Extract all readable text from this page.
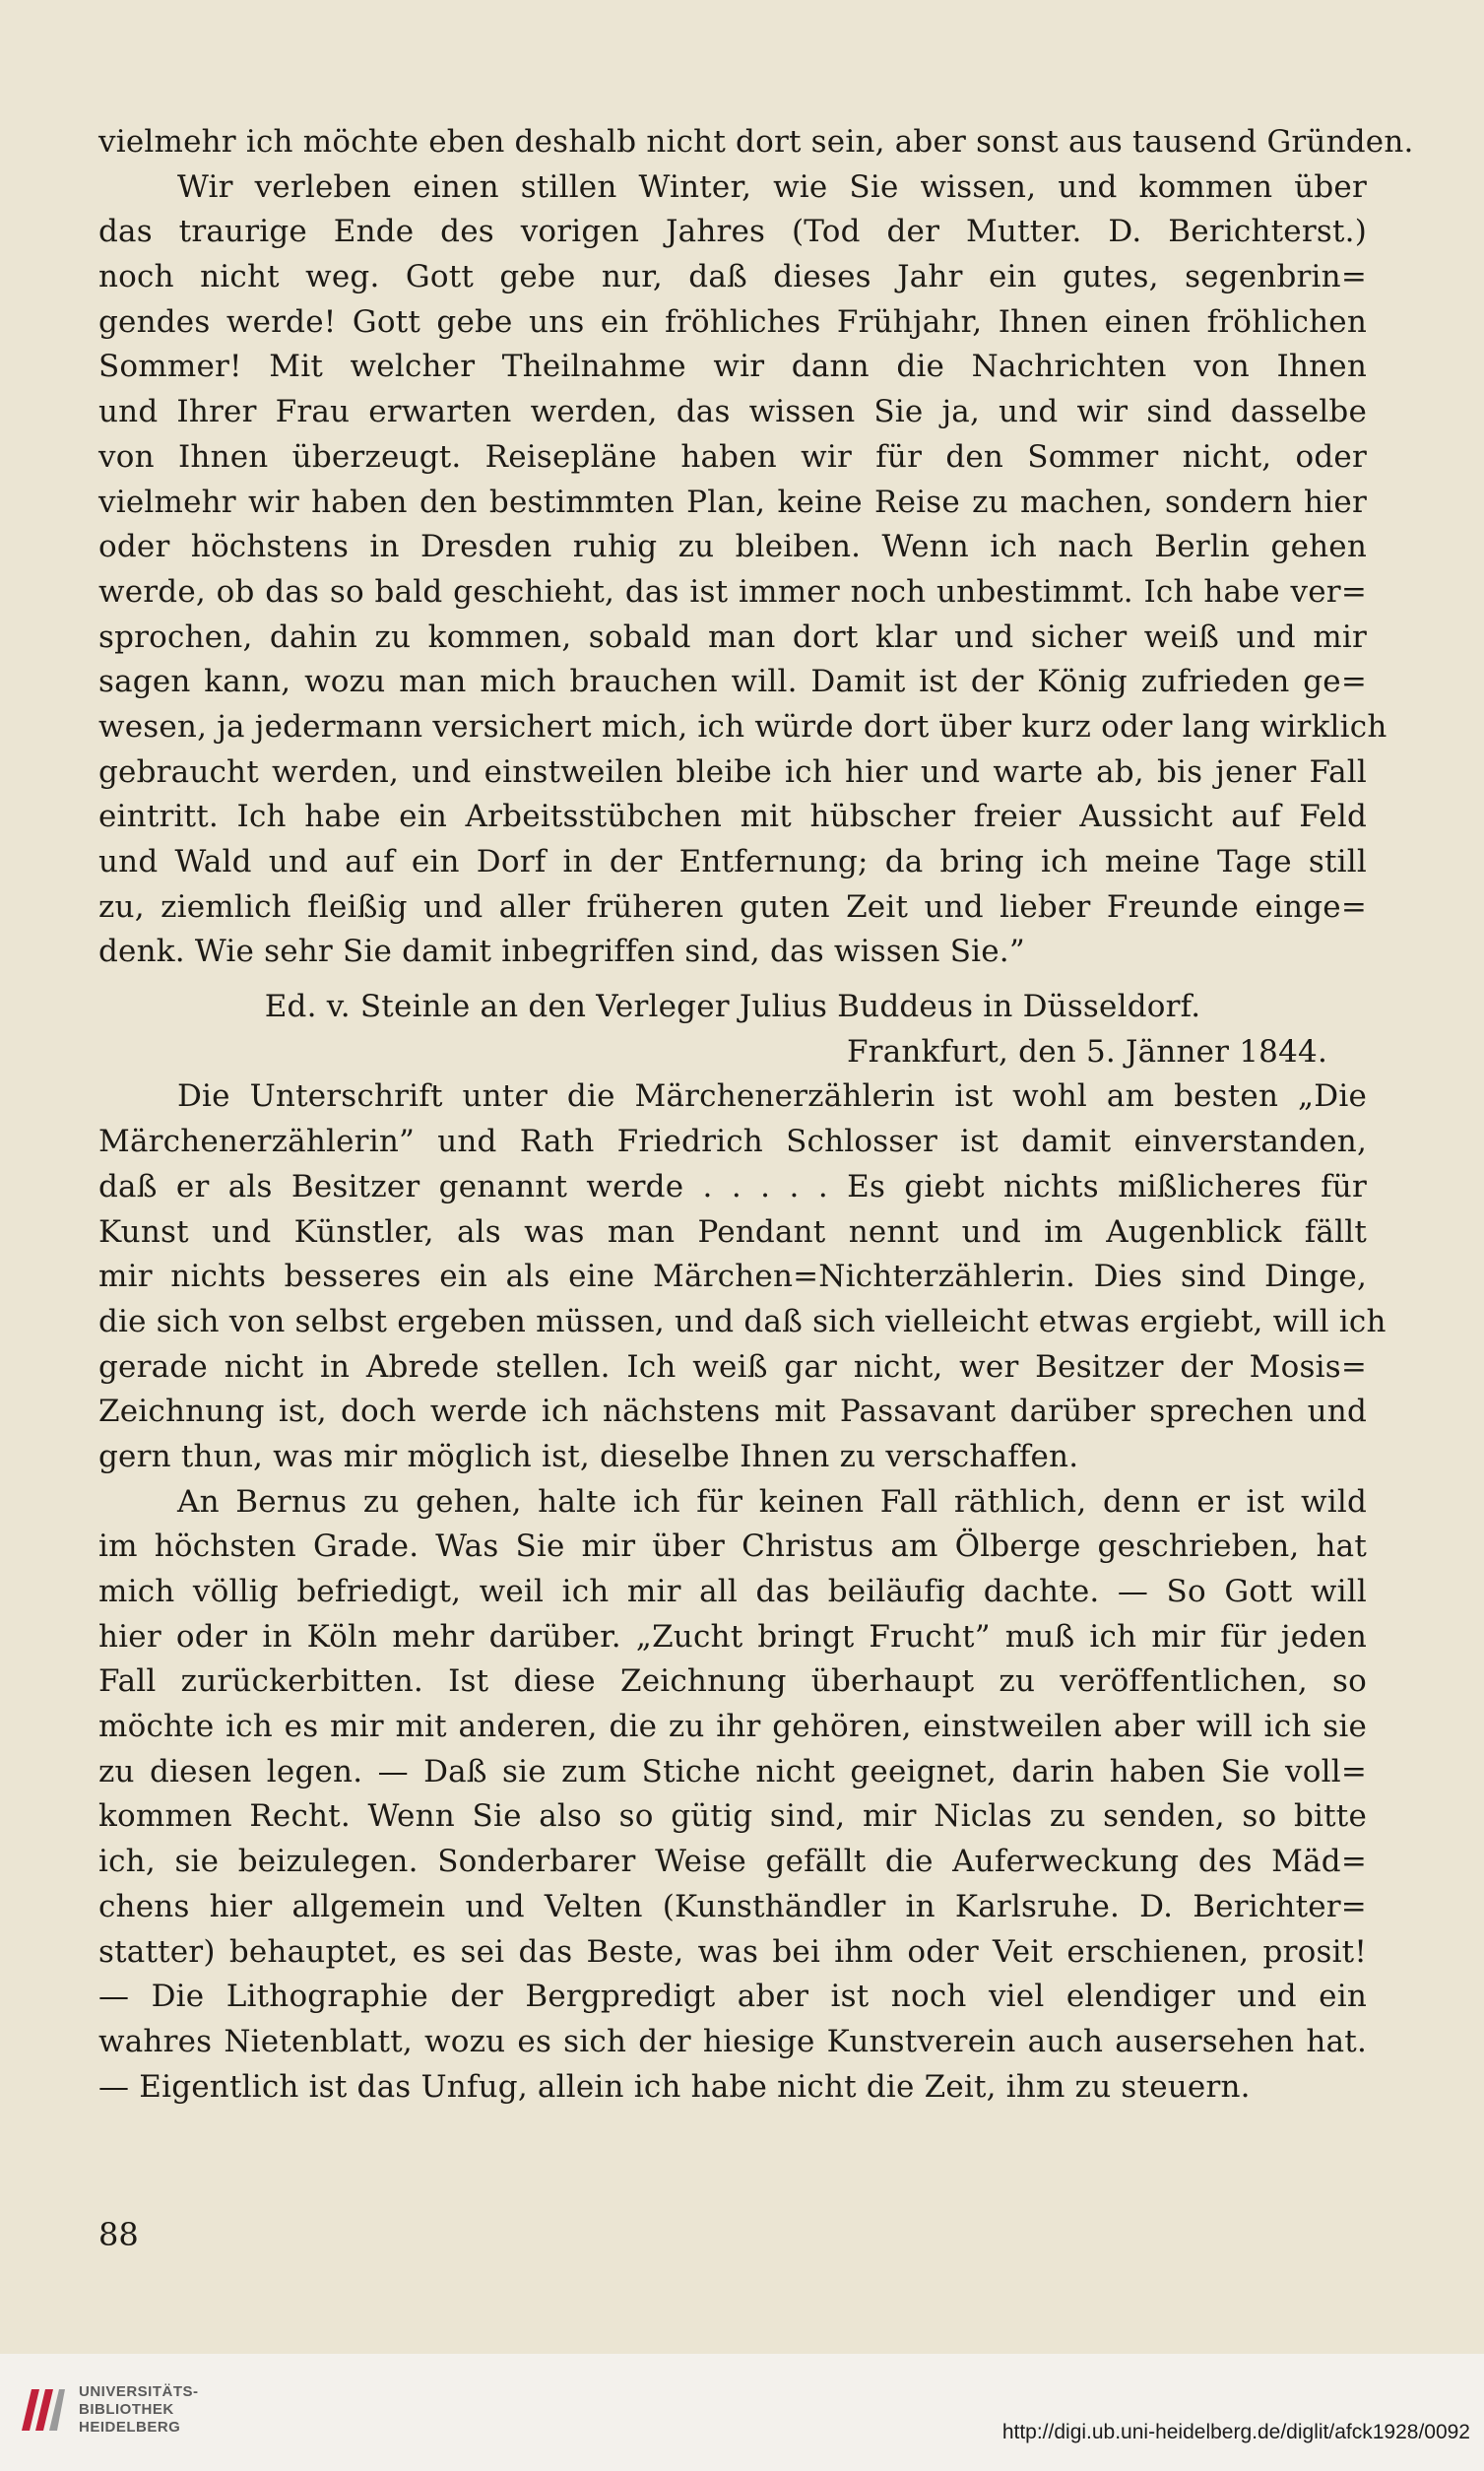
vielmehr ich möchte eben deshalb nicht dort sein, aber sonst aus tausend Gründen.
Wir verleben einen stillen Winter, wie Sie wissen, und kommen über
das traurige Ende des vorigen Jahres (Tod der Mutter. D. Berichterst.)
noch nicht weg. Gott gebe nur, daß dieses Jahr ein gutes, segenbrin=
gendes werde! Gott gebe uns ein fröhliches Frühjahr, Ihnen einen fröhlichen
Sommer! Mit welcher Theilnahme wir dann die Nachrichten von Ihnen
und Ihrer Frau erwarten werden, das wissen Sie ja, und wir sind dasselbe
von Ihnen überzeugt. Reisepläne haben wir für den Sommer nicht, oder
vielmehr wir haben den bestimmten Plan, keine Reise zu machen, sondern hier
oder höchstens in Dresden ruhig zu bleiben. Wenn ich nach Berlin gehen
werde, ob das so bald geschieht, das ist immer noch unbestimmt. Ich habe ver=
sprochen, dahin zu kommen, sobald man dort klar und sicher weiß und mir
sagen kann, wozu man mich brauchen will. Damit ist der König zufrieden ge=
wesen, ja jedermann versichert mich, ich würde dort über kurz oder lang wirklich
gebraucht werden, und einstweilen bleibe ich hier und warte ab, bis jener Fall
eintritt. Ich habe ein Arbeitsstübchen mit hübscher freier Aussicht auf Feld
und Wald und auf ein Dorf in der Entfernung; da bring ich meine Tage still
zu, ziemlich fleißig und aller früheren guten Zeit und lieber Freunde einge=
denk. Wie sehr Sie damit inbegriffen sind, das wissen Sie.”
Ed. v. Steinle an den Verleger Julius Buddeus in Düsseldorf.
Frankfurt, den 5. Jänner 1844.
Die Unterschrift unter die Märchenerzählerin ist wohl am besten „Die
Märchenerzählerin” und Rath Friedrich Schlosser ist damit einverstanden,
daß er als Besitzer genannt werde . . . . . Es giebt nichts mißlicheres für
Kunst und Künstler, als was man Pendant nennt und im Augenblick fällt
mir nichts besseres ein als eine Märchen=Nichterzählerin. Dies sind Dinge,
die sich von selbst ergeben müssen, und daß sich vielleicht etwas ergiebt, will ich
gerade nicht in Abrede stellen. Ich weiß gar nicht, wer Besitzer der Mosis=
Zeichnung ist, doch werde ich nächstens mit Passavant darüber sprechen und
gern thun, was mir möglich ist, dieselbe Ihnen zu verschaffen.
An Bernus zu gehen, halte ich für keinen Fall räthlich, denn er ist wild
im höchsten Grade. Was Sie mir über Christus am Ölberge geschrieben, hat
mich völlig befriedigt, weil ich mir all das beiläufig dachte. — So Gott will
hier oder in Köln mehr darüber. „Zucht bringt Frucht” muß ich mir für jeden
Fall zurückerbitten. Ist diese Zeichnung überhaupt zu veröffentlichen, so
möchte ich es mir mit anderen, die zu ihr gehören, einstweilen aber will ich sie
zu diesen legen. — Daß sie zum Stiche nicht geeignet, darin haben Sie voll=
kommen Recht. Wenn Sie also so gütig sind, mir Niclas zu senden, so bitte
ich, sie beizulegen. Sonderbarer Weise gefällt die Auferweckung des Mäd=
chens hier allgemein und Velten (Kunsthändler in Karlsruhe. D. Berichter=
statter) behauptet, es sei das Beste, was bei ihm oder Veit erschienen, prosit!
— Die Lithographie der Bergpredigt aber ist noch viel elendiger und ein
wahres Nietenblatt, wozu es sich der hiesige Kunstverein auch ausersehen hat.
— Eigentlich ist das Unfug, allein ich habe nicht die Zeit, ihm zu steuern.
88
UNIVERSITÄTS-
BIBLIOTHEK
HEIDELBERG	http://digi.ub.uni-heidelberg.de/diglit/afck1928/0092
